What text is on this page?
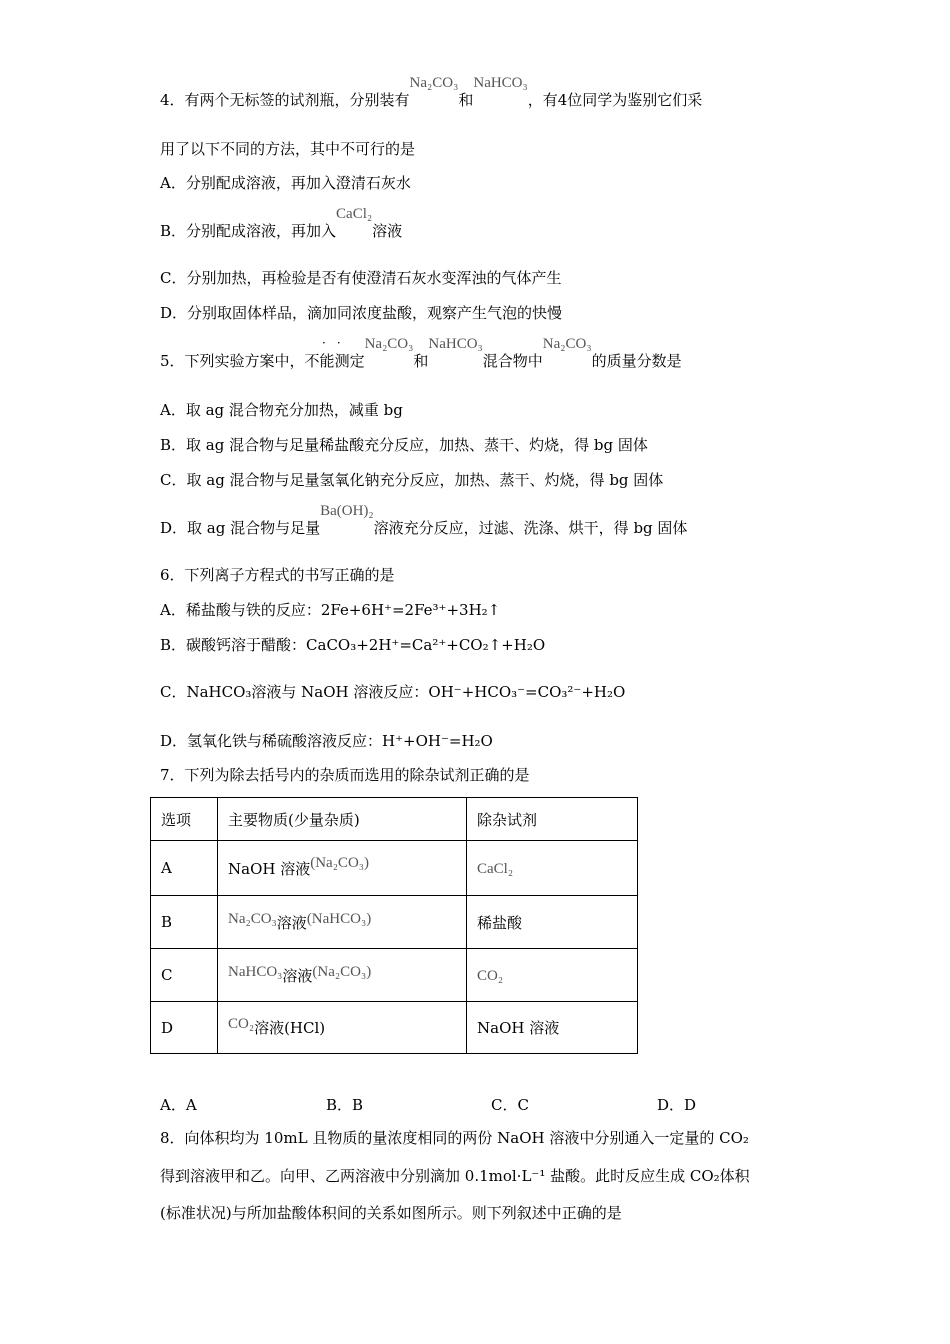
4．有两个无标签的试剂瓶，分别装有Na₂CO₃和NaHCO₃，有4位同学为鉴别它们采
用了以下不同的方法，其中不可行的是
A．分别配成溶液，再加入澄清石灰水
B．分别配成溶液，再加入CaCl₂溶液
C．分别加热，再检验是否有使澄清石灰水变浑浊的气体产生
D．分别取固体样品，滴加同浓度盐酸，观察产生气泡的快慢
5．下列实验方案中，不能测定Na₂CO₃和NaHCO₃混合物中Na₂CO₃的质量分数是
··
A．取 ag 混合物充分加热，减重 bg
B．取 ag 混合物与足量稀盐酸充分反应，加热、蒸干、灼烧，得 bg 固体
C．取 ag 混合物与足量氢氧化钠充分反应，加热、蒸干、灼烧，得 bg 固体
D．取 ag 混合物与足量Ba(OH)₂溶液充分反应，过滤、洗涤、烘干，得 bg 固体
6．下列离子方程式的书写正确的是
A．稀盐酸与铁的反应：2Fe+6H⁺=2Fe³⁺+3H₂↑
B．碳酸钙溶于醋酸：CaCO₃+2H⁺=Ca²⁺+CO₂↑+H₂O
C．NaHCO₃溶液与 NaOH 溶液反应：OH⁻+HCO₃⁻=CO₃²⁻+H₂O
D．氢氧化铁与稀硫酸溶液反应：H⁺+OH⁻=H₂O
7．下列为除去括号内的杂质而选用的除杂试剂正确的是
选项	主要物质(少量杂质)	除杂试剂
A	NaOH 溶液(Na₂CO₃)	CaCl₂
B	Na₂CO₃溶液(NaHCO₃)	稀盐酸
C	NaHCO₃溶液(Na₂CO₃)	CO₂
D	CO₂溶液(HCl)	NaOH 溶液
A．A	B．B	C．C	D．D
8．向体积均为 10mL 且物质的量浓度相同的两份 NaOH 溶液中分别通入一定量的 CO₂
得到溶液甲和乙。向甲、乙两溶液中分别滴加 0.1mol·L⁻¹ 盐酸。此时反应生成 CO₂体积
(标准状况)与所加盐酸体积间的关系如图所示。则下列叙述中正确的是
